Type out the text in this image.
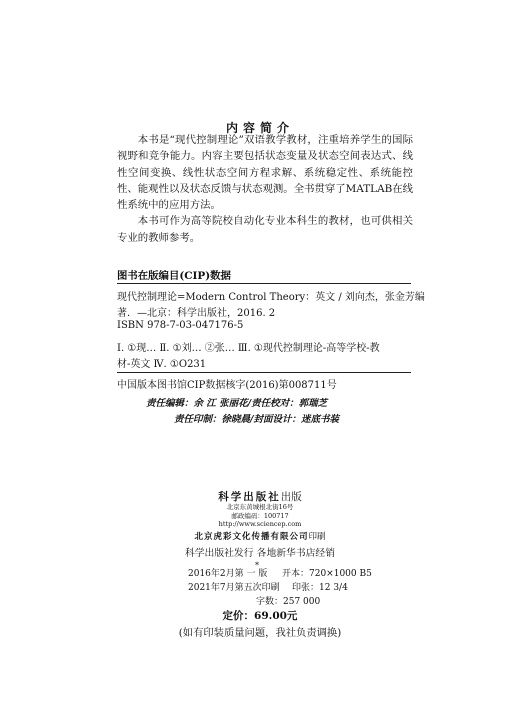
内容简介

本书是“现代控制理论”双语教学教材，注重培养学生的国际视野和竞争能力。内容主要包括状态变量及状态空间表达式、线性空间变换、线性状态空间方程求解、系统稳定性、系统能控性、能观性以及状态反馈与状态观测。全书贯穿了MATLAB在线性系统中的应用方法。

本书可作为高等院校自动化专业本科生的教材，也可供相关专业的教师参考。

图书在版编目(CIP)数据
现代控制理论=Modern Control Theory：英文 / 刘向杰，张金芳编
著．—北京：科学出版社，2016. 2
ISBN 978-7-03-047176-5
Ⅰ. ①现… Ⅱ. ①刘… ②张… Ⅲ. ①现代控制理论-高等学校-教
材-英文 Ⅳ. ①O231
中国版本图书馆CIP数据核字(2016)第008711号
责任编辑：余 江 张丽花/责任校对：郭瑞芝
责任印制：徐晓晨/封面设计：迷底书装
科学出版社出版
北京东黄城根北街16号
邮政编码：100717
http://www.sciencep.com
北京虎彩文化传播有限公司印刷
科学出版社发行 各地新华书店经销
*
2016年2月第 一 版 开本：720×1000 B5
2021年7月第五次印刷 印张：12 3/4
字数：257 000
定价：69.00元
(如有印装质量问题，我社负责调换)
